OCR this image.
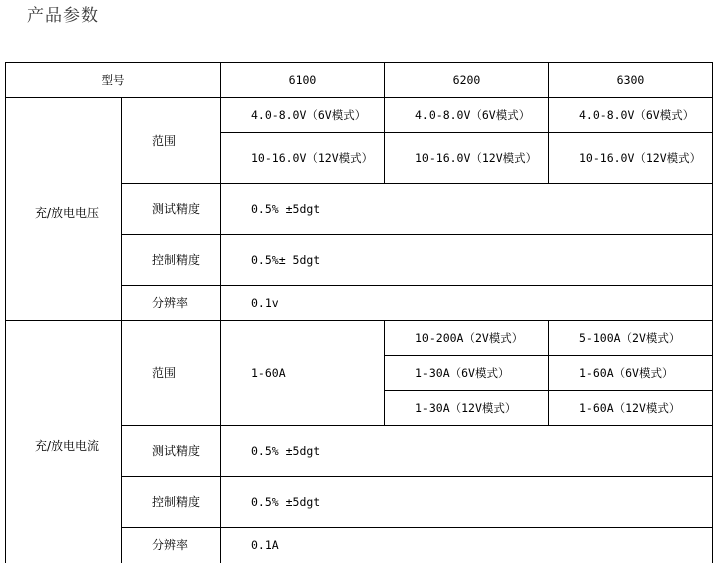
产品参数
型号		6100	6200	6300
充/放电电压	范围	4.0-8.0V（6V模式）	4.0-8.0V（6V模式）	4.0-8.0V（6V模式）
		10-16.0V（12V模式）	10-16.0V（12V模式）	10-16.0V（12V模式）
	测试精度	0.5% ±5dgt		
	控制精度	0.5%± 5dgt		
	分辨率	0.1v		
充/放电电流	范围	1-60A	10-200A（2V模式）	5-100A（2V模式）
			1-30A（6V模式）	1-60A（6V模式）
			1-30A（12V模式）	1-60A（12V模式）
	测试精度	0.5% ±5dgt		
	控制精度	0.5% ±5dgt		
	分辨率	0.1A		
